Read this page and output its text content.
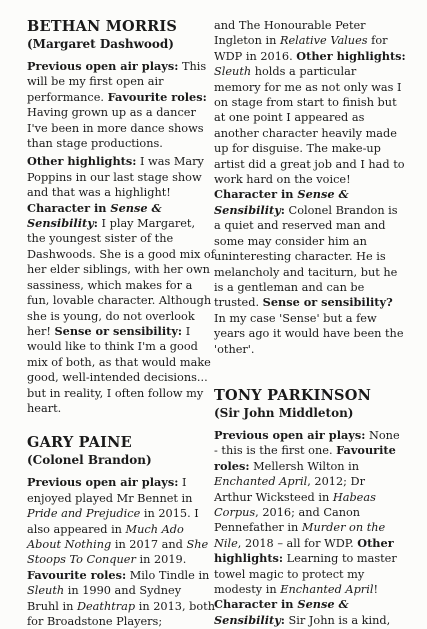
BETHAN MORRIS
(Margaret Dashwood)

Previous open air plays: This will be my first open air performance. Favourite roles: Having grown up as a dancer I've been in more dance shows than stage productions.

Other highlights: I was Mary Poppins in our last stage show and that was a highlight!

Character in Sense & Sensibility: I play Margaret, the youngest sister of the Dashwoods. She is a good mix of her elder siblings, with her own sassiness, which makes for a fun, lovable character. Although she is young, do not overlook her! Sense or sensibility: I would like to think I'm a good mix of both, as that would make good, well-intended decisions... but in reality, I often follow my heart.

GARY PAINE
(Colonel Brandon)

Previous open air plays: I enjoyed played Mr Bennet in Pride and Prejudice in 2015. I also appeared in Much Ado About Nothing in 2017 and She Stoops To Conquer in 2019.

Favourite roles: Milo Tindle in Sleuth in 1990 and Sydney Bruhl in Deathtrap in 2013, both for Broadstone Players;

and The Honourable Peter Ingleton in Relative Values for WDP in 2016. Other highlights: Sleuth holds a particular memory for me as not only was I on stage from start to finish but at one point I appeared as another character heavily made up for disguise. The make-up artist did a great job and I had to work hard on the voice! Character in Sense & Sensibility: Colonel Brandon is a quiet and reserved man and some may consider him an uninteresting character. He is melancholy and taciturn, but he is a gentleman and can be trusted. Sense or sensibility? In my case 'Sense' but a few years ago it would have been the 'other'.

TONY PARKINSON
(Sir John Middleton)

Previous open air plays: None - this is the first one. Favourite roles: Mellersh Wilton in Enchanted April, 2012; Dr Arthur Wicksteed in Habeas Corpus, 2016; and Canon Pennefather in Murder on the Nile, 2018 – all for WDP. Other highlights: Learning to master towel magic to protect my modesty in Enchanted April!

Character in Sense & Sensibility: Sir John is a kind,
